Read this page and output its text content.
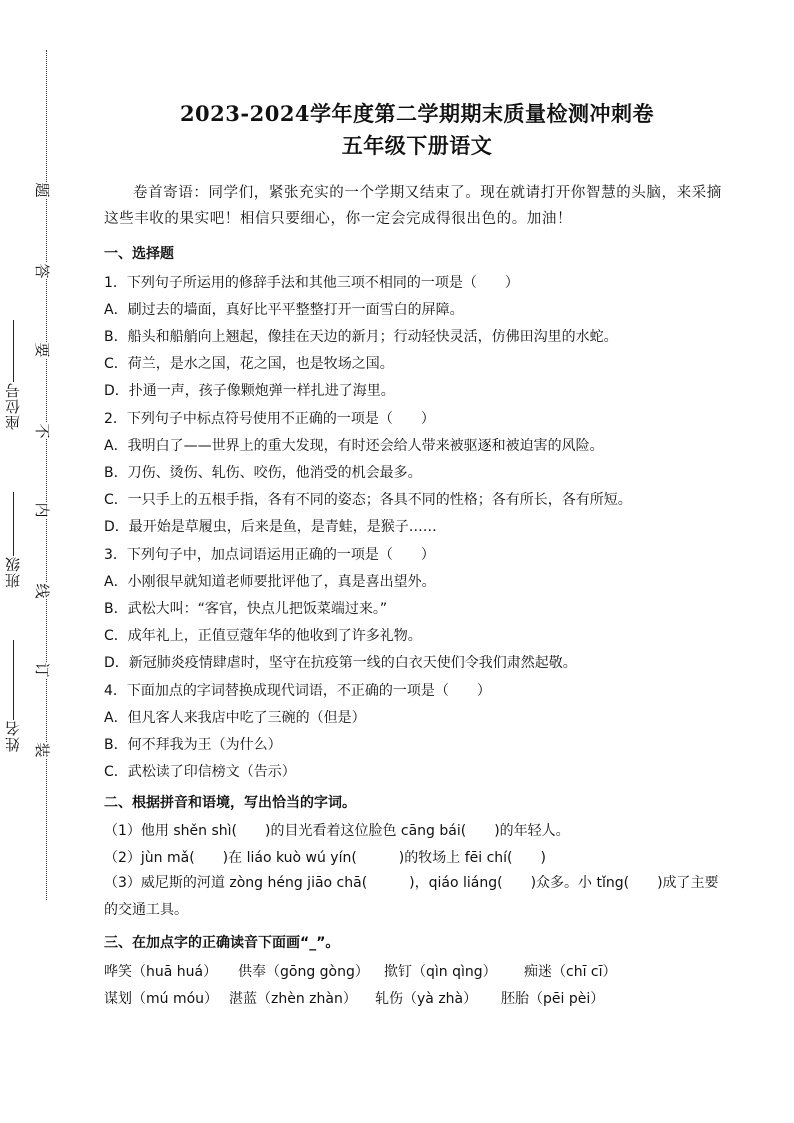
题
答
要
不
内
线
订
装
座位号
班级
姓名
2023-2024学年度第二学期期末质量检测冲刺卷
五年级下册语文
卷首寄语：同学们，紧张充实的一个学期又结束了。现在就请打开你智慧的头脑，来采摘这些丰收的果实吧！相信只要细心，你一定会完成得很出色的。加油！
一、选择题
1．下列句子所运用的修辞手法和其他三项不相同的一项是（　　）
A．刷过去的墙面，真好比平平整整打开一面雪白的屏障。
B．船头和船艄向上翘起，像挂在天边的新月；行动轻快灵活，仿佛田沟里的水蛇。
C．荷兰，是水之国，花之国，也是牧场之国。
D．扑通一声，孩子像颗炮弹一样扎进了海里。
2．下列句子中标点符号使用不正确的一项是（　　）
A．我明白了——世界上的重大发现，有时还会给人带来被驱逐和被迫害的风险。
B．刀伤、烫伤、轧伤、咬伤，他消受的机会最多。
C．一只手上的五根手指，各有不同的姿态；各具不同的性格；各有所长，各有所短。
D．最开始是草履虫，后来是鱼，是青蛙，是猴子……
3．下列句子中，加点词语运用正确的一项是（　　）
A．小刚很早就知道老师要批评他了，真是喜出望外。
B．武松大叫：“客官，快点儿把饭菜端过来。”
C．成年礼上，正值豆蔻年华的他收到了许多礼物。
D．新冠肺炎疫情肆虐时，坚守在抗疫第一线的白衣天使们令我们肃然起敬。
4．下面加点的字词替换成现代词语，不正确的一项是（　　）
A．但凡客人来我店中吃了三碗的（但是）
B．何不拜我为王（为什么）
C．武松读了印信榜文（告示）
二、根据拼音和语境，写出恰当的字词。
（1）他用 shěn shì(　　)的目光看着这位脸色 cāng bái(　　)的年轻人。
（2）jùn mǎ(　　)在 liáo kuò wú yín(　　　)的牧场上 fēi chí(　　)
（3）威尼斯的河道 zòng héng jiāo chā(　　　)，qiáo liáng(　　)众多。小 tǐng(　　)成了主要的交通工具。
三、在加点字的正确读音下面画“_”。
哗笑（huā huá） 供奉（gōng gòng） 揿钉（qìn qìng） 痴迷（chī cī）
谋划（mú móu） 湛蓝（zhèn zhàn） 轧伤（yà zhà） 胚胎（pēi pèi）
